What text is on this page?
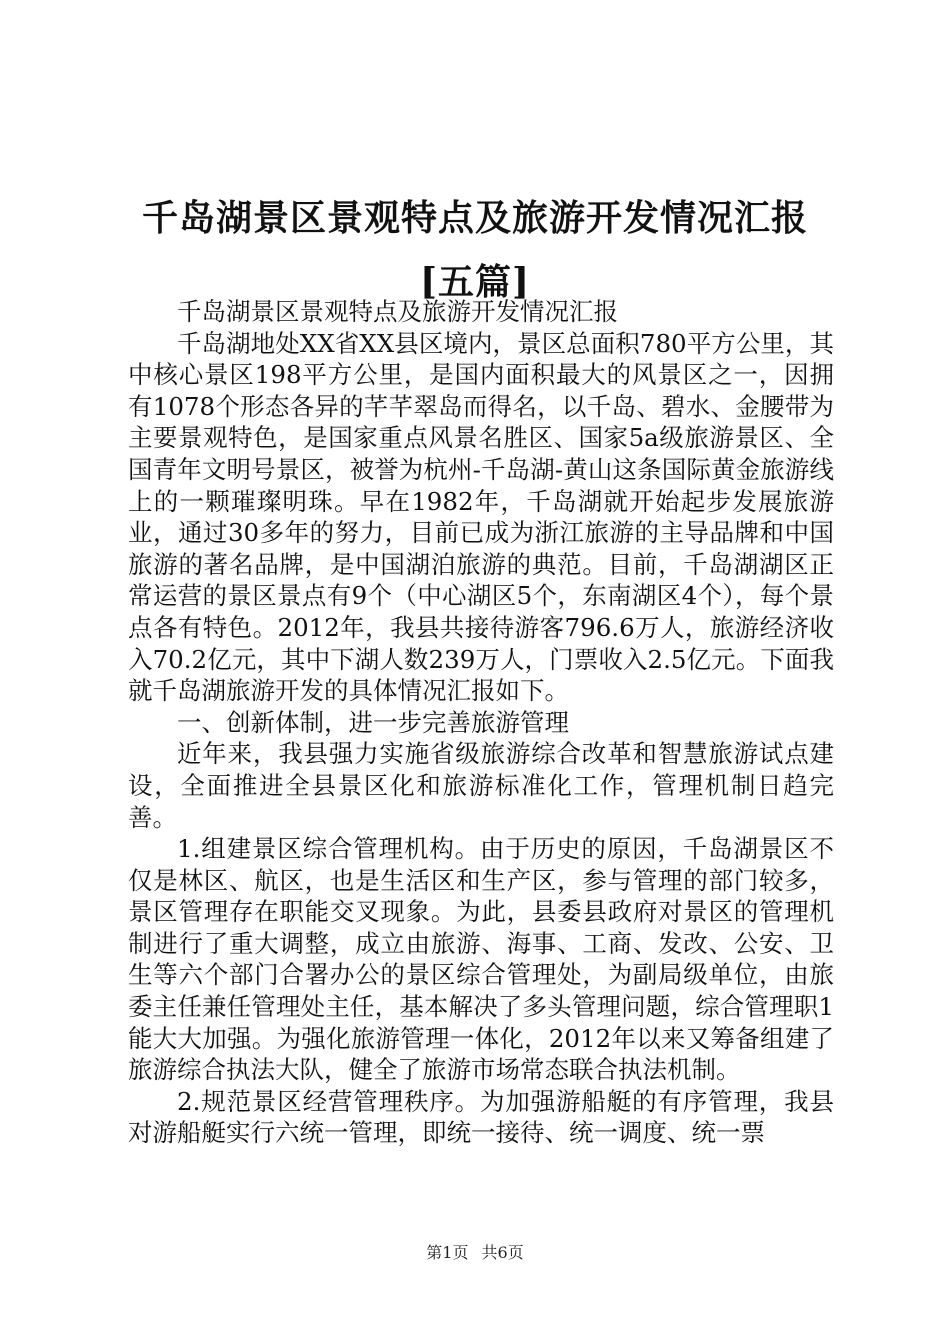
千岛湖景区景观特点及旅游开发情况汇报[五篇]

千岛湖景区景观特点及旅游开发情况汇报

千岛湖地处XX省XX县区境内，景区总面积780平方公里，其中核心景区198平方公里，是国内面积最大的风景区之一，因拥有1078个形态各异的芊芊翠岛而得名，以千岛、碧水、金腰带为主要景观特色，是国家重点风景名胜区、国家5a级旅游景区、全国青年文明号景区，被誉为杭州-千岛湖-黄山这条国际黄金旅游线上的一颗璀璨明珠。早在1982年，千岛湖就开始起步发展旅游业，通过30多年的努力，目前已成为浙江旅游的主导品牌和中国旅游的著名品牌，是中国湖泊旅游的典范。目前，千岛湖湖区正常运营的景区景点有9个（中心湖区5个，东南湖区4个），每个景点各有特色。2012年，我县共接待游客796.6万人，旅游经济收入70.2亿元，其中下湖人数239万人，门票收入2.5亿元。下面我就千岛湖旅游开发的具体情况汇报如下。

一、创新体制，进一步完善旅游管理

近年来，我县强力实施省级旅游综合改革和智慧旅游试点建设，全面推进全县景区化和旅游标准化工作，管理机制日趋完善。

1.组建景区综合管理机构。由于历史的原因，千岛湖景区不仅是林区、航区，也是生活区和生产区，参与管理的部门较多，景区管理存在职能交叉现象。为此，县委县政府对景区的管理机制进行了重大调整，成立由旅游、海事、工商、发改、公安、卫生等六个部门合署办公的景区综合管理处，为副局级单位，由旅委主任兼任管理处主任，基本解决了多头管理问题，综合管理职1能大大加强。为强化旅游管理一体化，2012年以来又筹备组建了旅游综合执法大队，健全了旅游市场常态联合执法机制。

2.规范景区经营管理秩序。为加强游船艇的有序管理，我县对游船艇实行六统一管理，即统一接待、统一调度、统一票

第1页 共6页
